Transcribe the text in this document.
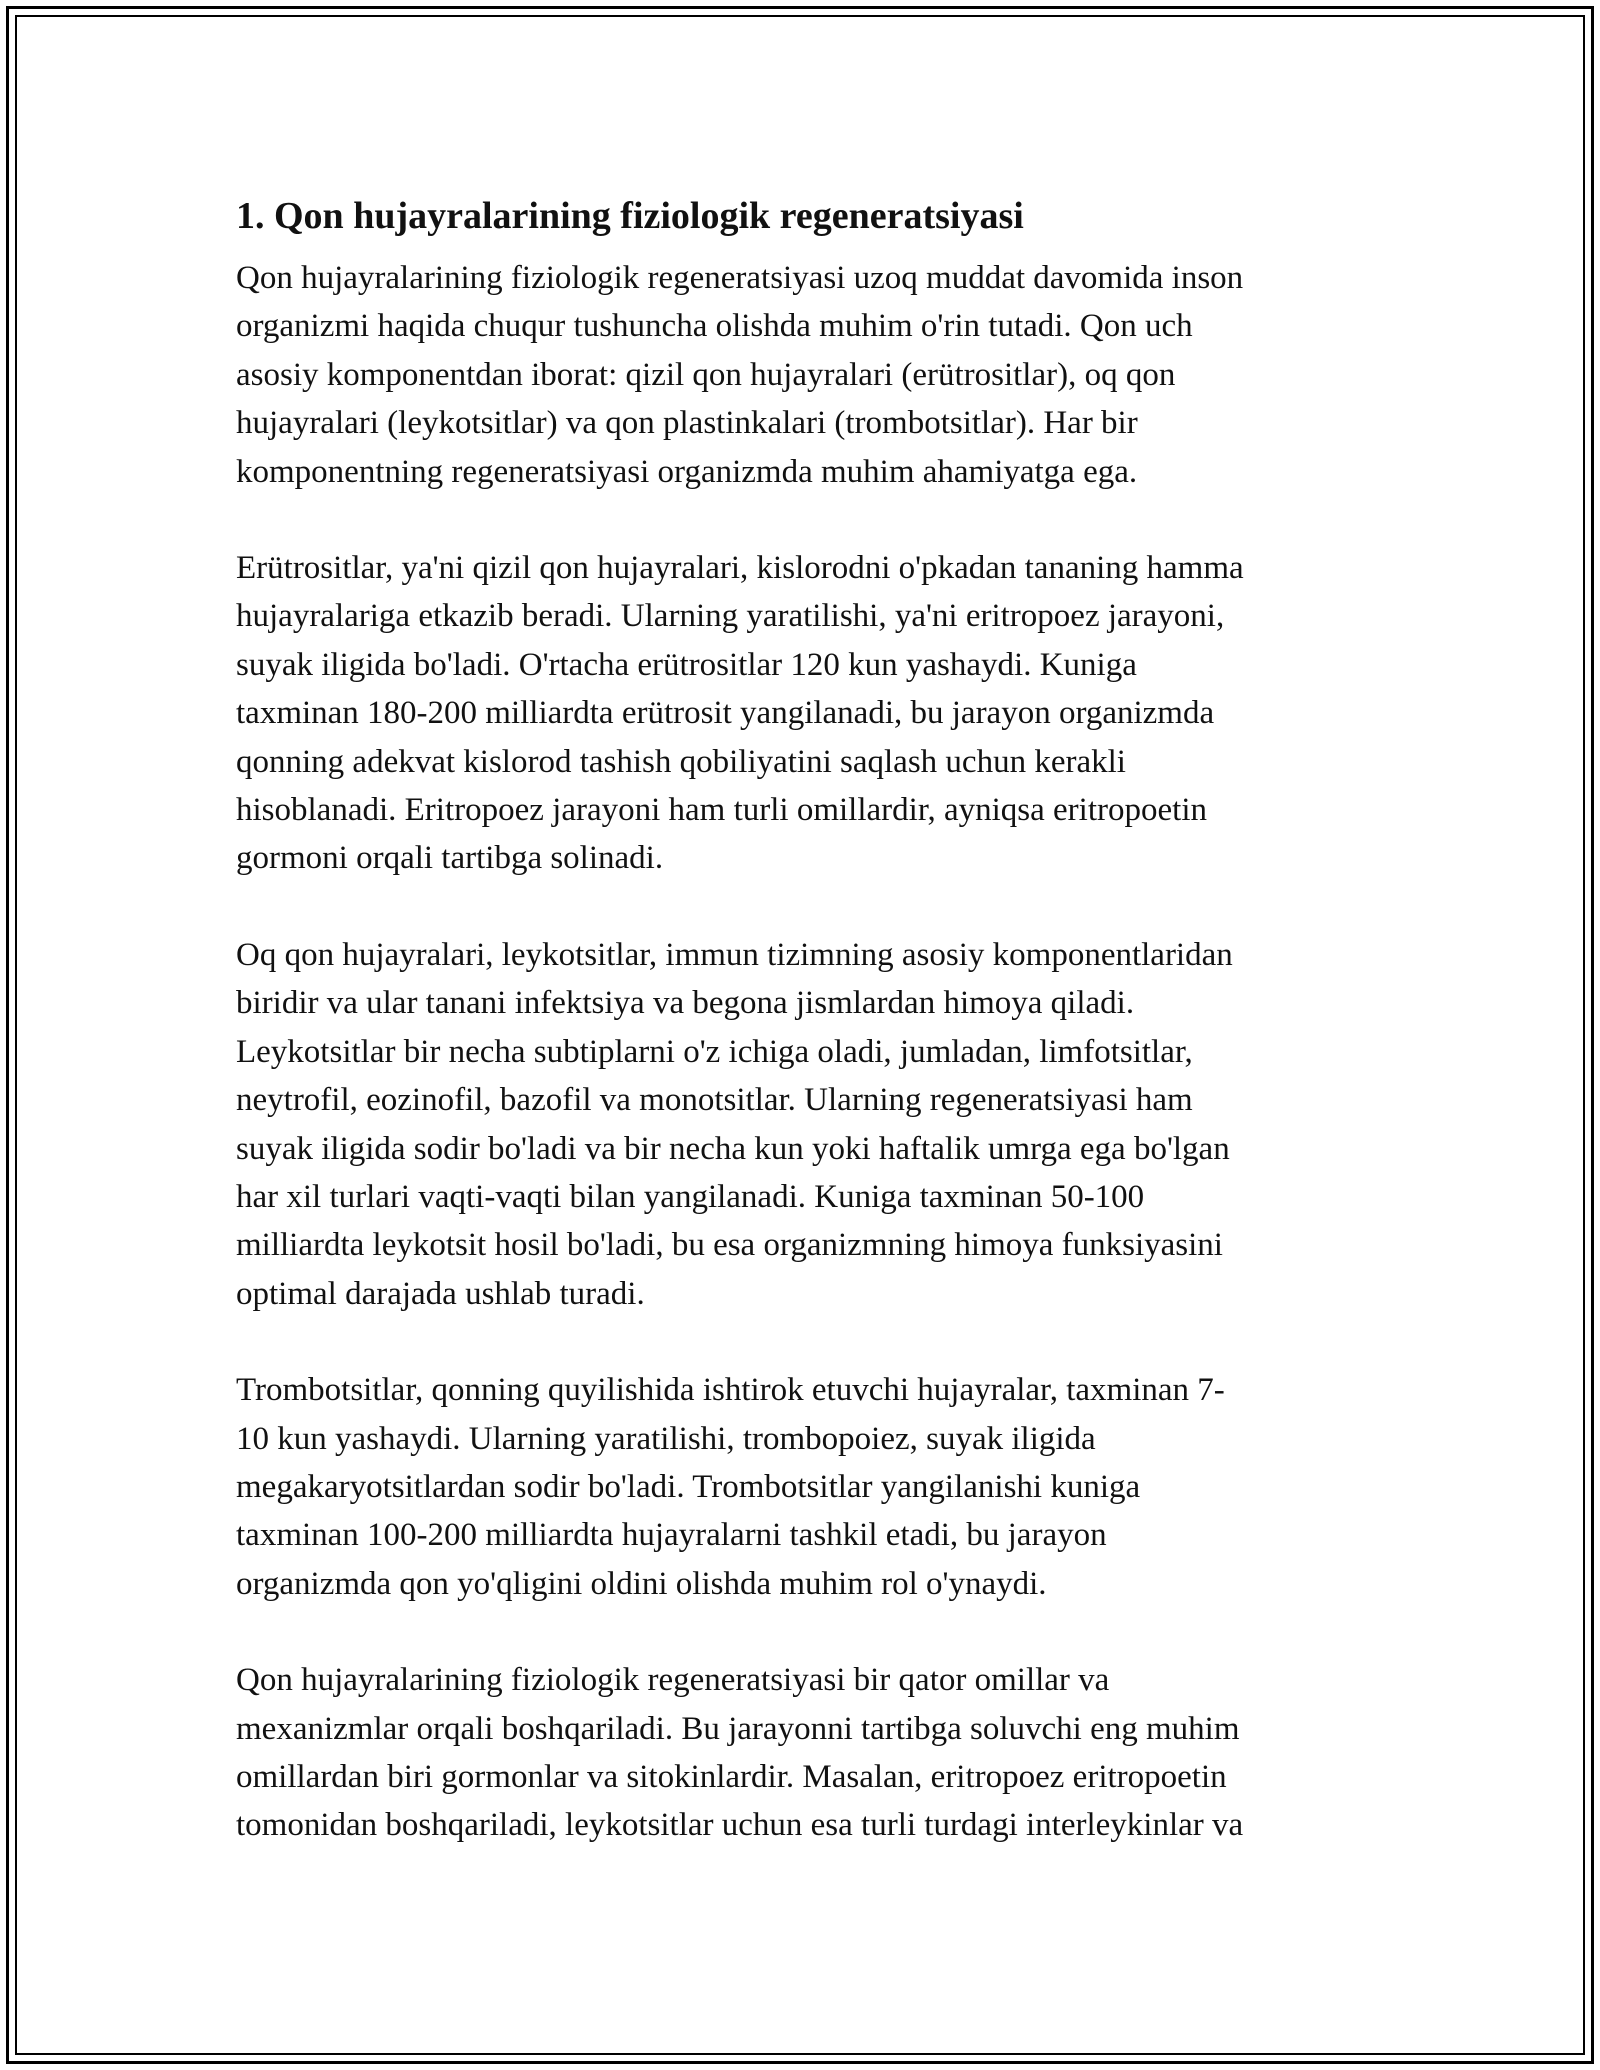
1. Qon hujayralarining fiziologik regeneratsiyasi

Qon hujayralarining fiziologik regeneratsiyasi uzoq muddat davomida inson
organizmi haqida chuqur tushuncha olishda muhim o'rin tutadi. Qon uch
asosiy komponentdan iborat: qizil qon hujayralari (erütrositlar), oq qon
hujayralari (leykotsitlar) va qon plastinkalari (trombotsitlar). Har bir
komponentning regeneratsiyasi organizmda muhim ahamiyatga ega.

Erütrositlar, ya'ni qizil qon hujayralari, kislorodni o'pkadan tananing hamma
hujayralariga etkazib beradi. Ularning yaratilishi, ya'ni eritropoez jarayoni,
suyak iligida bo'ladi. O'rtacha erütrositlar 120 kun yashaydi. Kuniga
taxminan 180-200 milliardta erütrosit yangilanadi, bu jarayon organizmda
qonning adekvat kislorod tashish qobiliyatini saqlash uchun kerakli
hisoblanadi. Eritropoez jarayoni ham turli omillardir, ayniqsa eritropoetin
gormoni orqali tartibga solinadi.

Oq qon hujayralari, leykotsitlar, immun tizimning asosiy komponentlaridan
biridir va ular tanani infektsiya va begona jismlardan himoya qiladi.
Leykotsitlar bir necha subtiplarni o'z ichiga oladi, jumladan, limfotsitlar,
neytrofil, eozinofil, bazofil va monotsitlar. Ularning regeneratsiyasi ham
suyak iligida sodir bo'ladi va bir necha kun yoki haftalik umrga ega bo'lgan
har xil turlari vaqti-vaqti bilan yangilanadi. Kuniga taxminan 50-100
milliardta leykotsit hosil bo'ladi, bu esa organizmning himoya funksiyasini
optimal darajada ushlab turadi.

Trombotsitlar, qonning quyilishida ishtirok etuvchi hujayralar, taxminan 7-
10 kun yashaydi. Ularning yaratilishi, trombopoiez, suyak iligida
megakaryotsitlardan sodir bo'ladi. Trombotsitlar yangilanishi kuniga
taxminan 100-200 milliardta hujayralarni tashkil etadi, bu jarayon
organizmda qon yo'qligini oldini olishda muhim rol o'ynaydi.

Qon hujayralarining fiziologik regeneratsiyasi bir qator omillar va
mexanizmlar orqali boshqariladi. Bu jarayonni tartibga soluvchi eng muhim
omillardan biri gormonlar va sitokinlardir. Masalan, eritropoez eritropoetin
tomonidan boshqariladi, leykotsitlar uchun esa turli turdagi interleykinlar va
